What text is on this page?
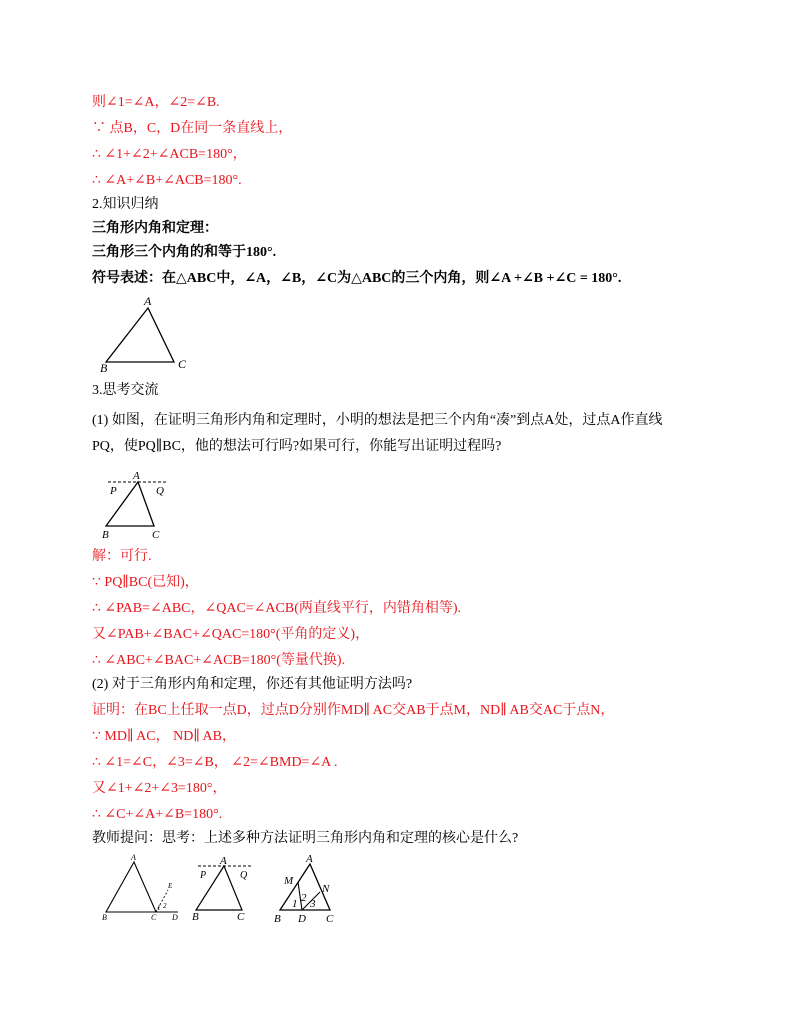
则∠1=∠A，∠2=∠B.
∵ 点B，C，D在同一条直线上，
∴ ∠1+∠2+∠ACB=180°，
∴ ∠A+∠B+∠ACB=180°.
2.知识归纳
三角形内角和定理：
三角形三个内角的和等于180°.
符号表述：在△ABC中，∠A，∠B，∠C为△ABC的三个内角，则∠A +∠B +∠C = 180°.
A
B	C
3.思考交流
(1) 如图，在证明三角形内角和定理时，小明的想法是把三个内角“凑”到点A处，过点A作直线
PQ，使PQ∥BC，他的想法可行吗?如果可行，你能写出证明过程吗?
A
P	Q
B	C
解：可行.
∵ PQ∥BC(已知)，
∴ ∠PAB=∠ABC，∠QAC=∠ACB(两直线平行，内错角相等).
又∠PAB+∠BAC+∠QAC=180°(平角的定义)，
∴ ∠ABC+∠BAC+∠ACB=180°(等量代换).
(2) 对于三角形内角和定理，你还有其他证明方法吗?
证明：在BC上任取一点D，过点D分别作MD∥ AC交AB于点M，ND∥ AB交AC于点N，
∵ MD∥ AC， ND∥ AB，
∴ ∠1=∠C，∠3=∠B， ∠2=∠BMD=∠A .
又∠1+∠2+∠3=180°，
∴ ∠C+∠A+∠B=180°.
教师提问：思考：上述多种方法证明三角形内角和定理的核心是什么?
A
E
B	C D
1 2
A
P	Q
B	C
A
M
N
1 2 3
B D C
